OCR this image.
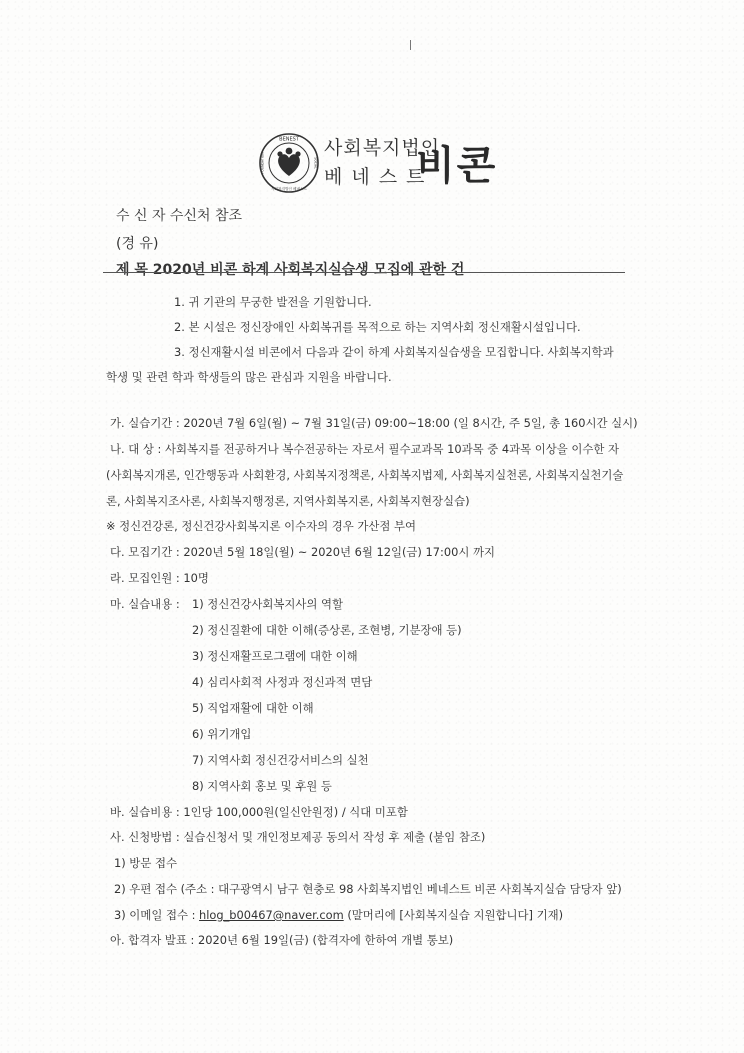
BENEST
사회복지법인 베네스트
FOUNDATION	SOCIAL
사회복지법인
베네스트
비콘
수 신 자 수신처 참조
(경 유)
제 목 2020년 비콘 하계 사회복지실습생 모집에 관한 건
1. 귀 기관의 무궁한 발전을 기원합니다.
2. 본 시설은 정신장애인 사회복귀를 목적으로 하는 지역사회 정신재활시설입니다.
3. 정신재활시설 비콘에서 다음과 같이 하계 사회복지실습생을 모집합니다. 사회복지학과
학생 및 관련 학과 학생들의 많은 관심과 지원을 바랍니다.
가. 실습기간 : 2020년 7월 6일(월) ~ 7월 31일(금) 09:00~18:00 (일 8시간, 주 5일, 총 160시간 실시)
나. 대 상 : 사회복지를 전공하거나 복수전공하는 자로서 필수교과목 10과목 중 4과목 이상을 이수한 자
(사회복지개론, 인간행동과 사회환경, 사회복지정책론, 사회복지법제, 사회복지실천론, 사회복지실천기술
론, 사회복지조사론, 사회복지행정론, 지역사회복지론, 사회복지현장실습)
※ 정신건강론, 정신건강사회복지론 이수자의 경우 가산점 부여
다. 모집기간 : 2020년 5월 18일(월) ~ 2020년 6월 12일(금) 17:00시 까지
라. 모집인원 : 10명
마. 실습내용 : 1) 정신건강사회복지사의 역할
2) 정신질환에 대한 이해(증상론, 조현병, 기분장애 등)
3) 정신재활프로그램에 대한 이해
4) 심리사회적 사정과 정신과적 면담
5) 직업재활에 대한 이해
6) 위기개입
7) 지역사회 정신건강서비스의 실천
8) 지역사회 홍보 및 후원 등
바. 실습비용 : 1인당 100,000원(일신안원정) / 식대 미포함
사. 신청방법 : 실습신청서 및 개인정보제공 동의서 작성 후 제출 (붙임 참조)
1) 방문 접수
2) 우편 접수 (주소 : 대구광역시 남구 현충로 98 사회복지법인 베네스트 비콘 사회복지실습 담당자 앞)
3) 이메일 접수 : hlog_b00467@naver.com (말머리에 [사회복지실습 지원합니다] 기재)
아. 합격자 발표 : 2020년 6월 19일(금) (합격자에 한하여 개별 통보)
